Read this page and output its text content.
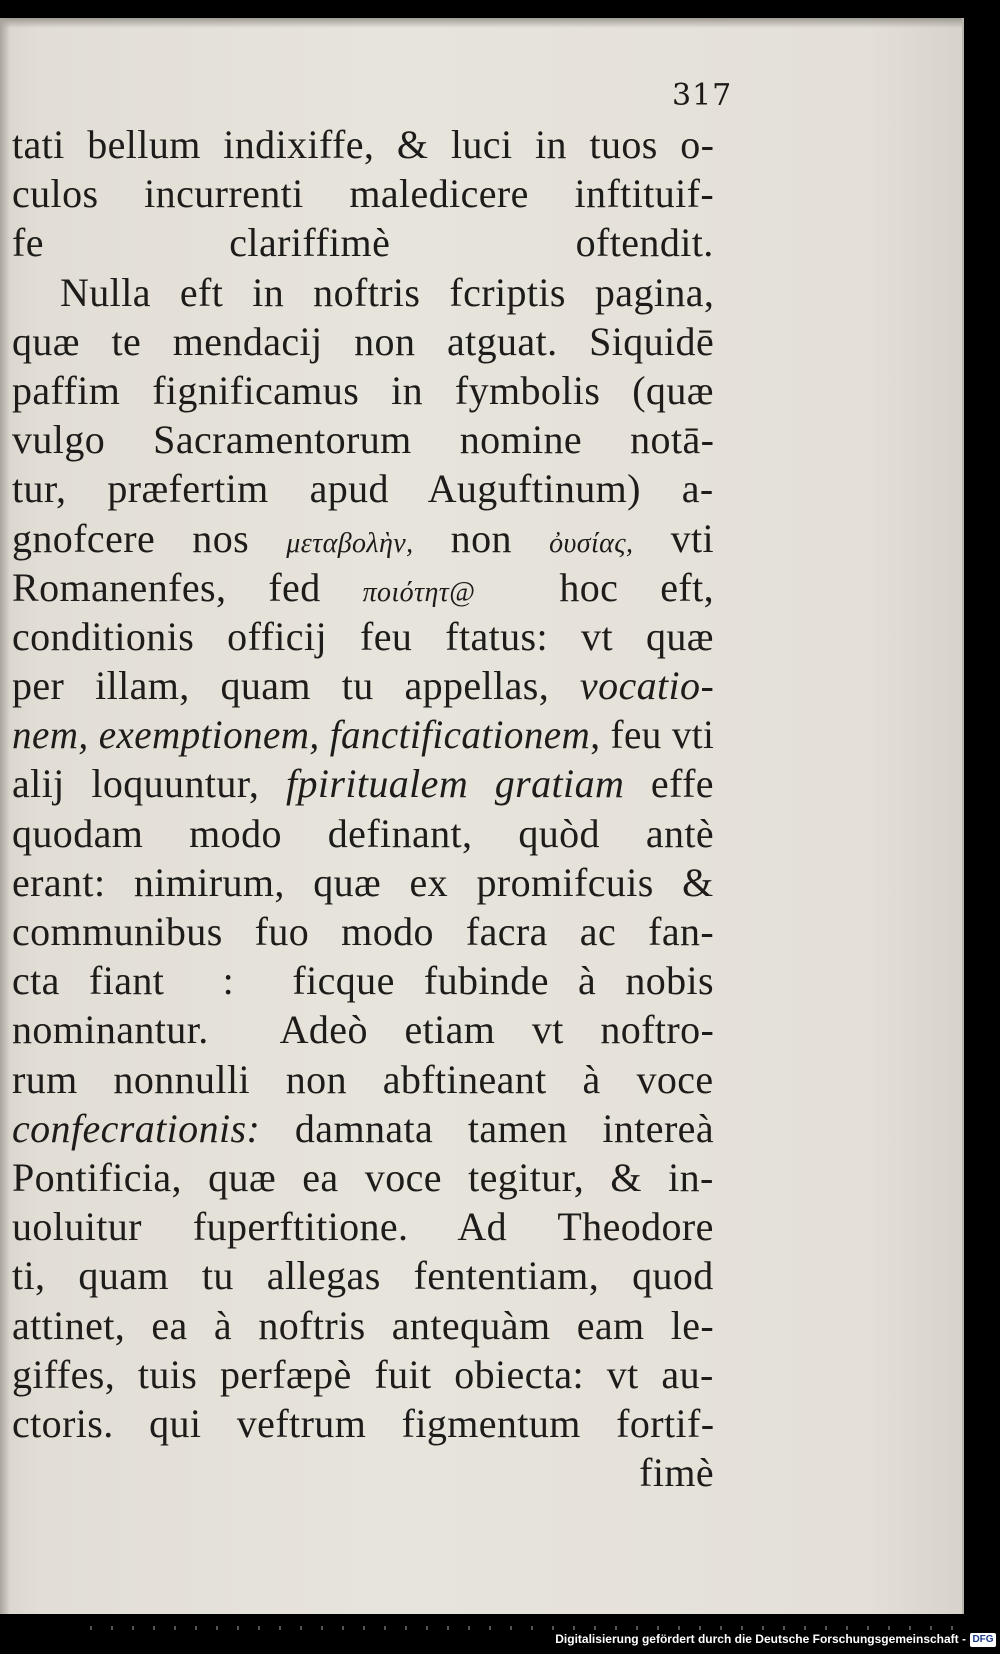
317
tati bellum indixiffe, & luci in tuos o-
culos incurrenti maledicere inftituif-
fe clariffimè oftendit.
Nulla eft in noftris fcriptis pagina,
quæ te mendacij non atguat. Siquidē
paffim fignificamus in fymbolis (quæ
vulgo Sacramentorum nomine notā-
tur, præfertim apud Auguftinum) a-
gnofcere nos μεταβολὴν, non ὀυσίας, vti
Romanenfes, fed ποιότητ@  hoc eft,
conditionis officij feu ftatus: vt quæ
per illam, quam tu appellas, vocatio-
nem, exemptionem, fanctificationem, feu vti
alij loquuntur, fpiritualem gratiam effe
quodam modo definant, quòd antè
erant: nimirum, quæ ex promifcuis &
communibus fuo modo facra ac fan-
cta fiant  :  ficque fubinde à nobis
nominantur.  Adeò etiam vt noftro-
rum nonnulli non abftineant à voce
confecrationis: damnata tamen intereà
Pontificia, quæ ea voce tegitur, & in-
uoluitur fuperftitione. Ad Theodore
ti, quam tu allegas fententiam, quod
attinet, ea à noftris antequàm eam le-
giffes, tuis perfæpè fuit obiecta: vt au-
ctoris. qui veftrum figmentum fortif-
fimè
Digitalisierung gefördert durch die Deutsche Forschungsgemeinschaft - DFG
